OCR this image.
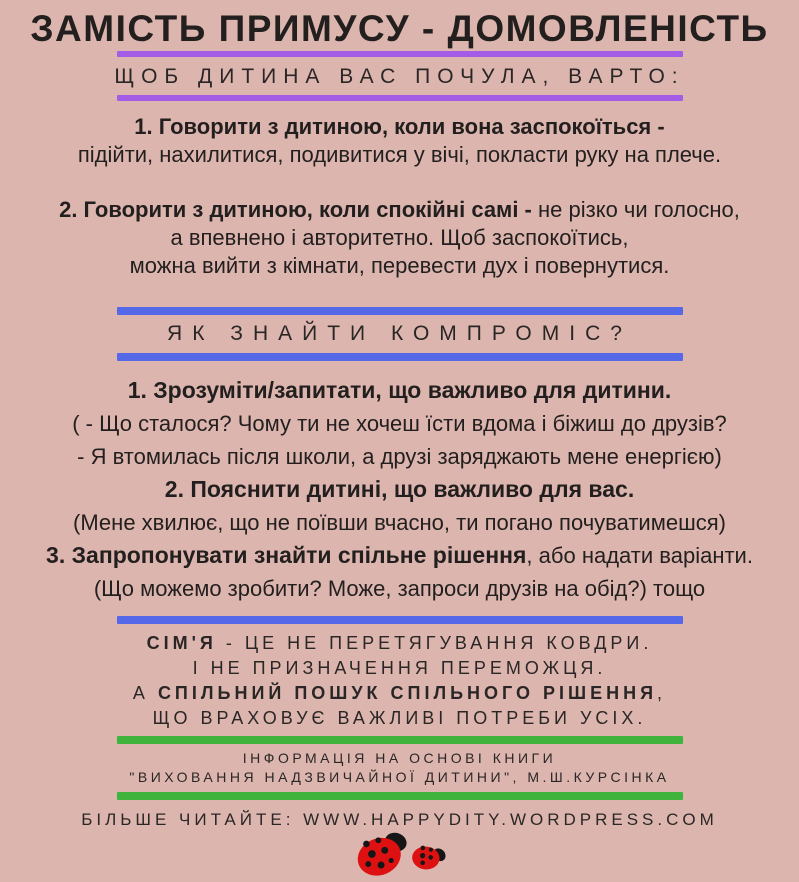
ЗАМІСТЬ ПРИМУСУ - ДОМОВЛЕНІСТЬ
ЩОБ ДИТИНА ВАС ПОЧУЛА, ВАРТО:
1. Говорити з дитиною, коли вона заспокоїться -
підійти, нахилитися, подивитися у вічі, покласти руку на плече.
2. Говорити з дитиною, коли спокійні самі - не різко чи голосно,
а впевнено і авторитетно. Щоб заспокоїтись,
можна вийти з кімнати, перевести дух і повернутися.
ЯК ЗНАЙТИ КОМПРОМІС?
1. Зрозуміти/запитати, що важливо для дитини.
( - Що сталося? Чому ти не хочеш їсти вдома і біжиш до друзів?
- Я втомилась після школи, а друзі заряджають мене енергією)
2. Пояснити дитині, що важливо для вас.
(Мене хвилює, що не поївши вчасно, ти погано почуватимешся)
3. Запропонувати знайти спільне рішення, або надати варіанти.
(Що можемо зробити? Може, запроси друзів на обід?) тощо
СІМ'Я - ЦЕ НЕ ПЕРЕТЯГУВАННЯ КОВДРИ.
І НЕ ПРИЗНАЧЕННЯ ПЕРЕМОЖЦЯ.
А СПІЛЬНИЙ ПОШУК СПІЛЬНОГО РІШЕННЯ,
ЩО ВРАХОВУЄ ВАЖЛИВІ ПОТРЕБИ УСІХ.
ІНФОРМАЦІЯ НА ОСНОВІ КНИГИ
"ВИХОВАННЯ НАДЗВИЧАЙНОЇ ДИТИНИ", М.Ш.КУРСІНКА
БІЛЬШЕ ЧИТАЙТЕ: WWW.HAPPYDITY.WORDPRESS.COM
